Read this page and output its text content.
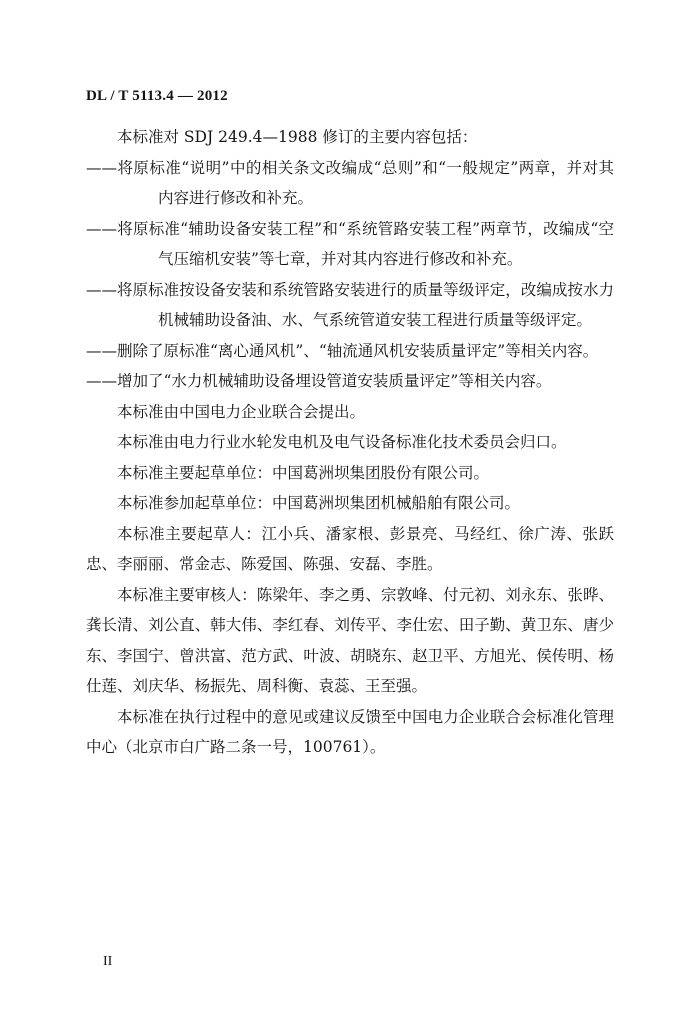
DL / T 5113.4 — 2012

本标准对 SDJ 249.4—1988 修订的主要内容包括：

——将原标准“说明”中的相关条文改编成“总则”和“一般规定”两章，并对其内容进行修改和补充。

——将原标准“辅助设备安装工程”和“系统管路安装工程”两章节，改编成“空气压缩机安装”等七章，并对其内容进行修改和补充。

——将原标准按设备安装和系统管路安装进行的质量等级评定，改编成按水力机械辅助设备油、水、气系统管道安装工程进行质量等级评定。

——删除了原标准“离心通风机”、“轴流通风机安装质量评定”等相关内容。

——增加了“水力机械辅助设备埋设管道安装质量评定”等相关内容。

本标准由中国电力企业联合会提出。

本标准由电力行业水轮发电机及电气设备标准化技术委员会归口。

本标准主要起草单位：中国葛洲坝集团股份有限公司。

本标准参加起草单位：中国葛洲坝集团机械船舶有限公司。

本标准主要起草人：江小兵、潘家根、彭景亮、马经红、徐广涛、张跃忠、李丽丽、常金志、陈爱国、陈强、安磊、李胜。

本标准主要审核人：陈梁年、李之勇、宗敦峰、付元初、刘永东、张晔、龚长清、刘公直、韩大伟、李红春、刘传平、李仕宏、田子勤、黄卫东、唐少东、李国宁、曾洪富、范方武、叶波、胡晓东、赵卫平、方旭光、侯传明、杨仕莲、刘庆华、杨振先、周科衡、袁蕊、王至强。

本标准在执行过程中的意见或建议反馈至中国电力企业联合会标准化管理中心（北京市白广路二条一号，100761）。

II
